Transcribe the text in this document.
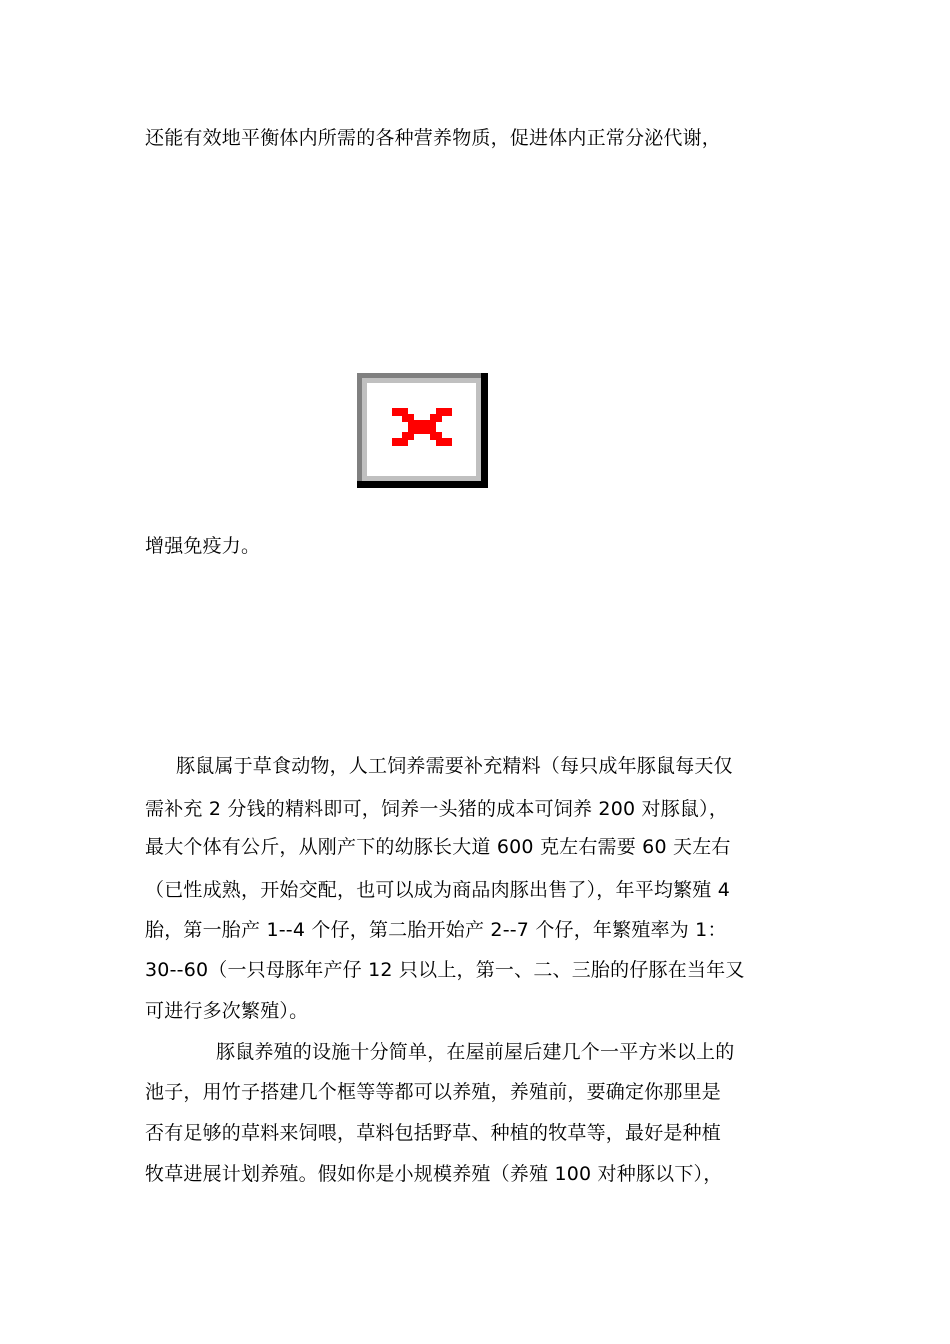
还能有效地平衡体内所需的各种营养物质，促进体内正常分泌代谢，
增强免疫力。
豚鼠属于草食动物，人工饲养需要补充精料（每只成年豚鼠每天仅
需补充 2 分钱的精料即可，饲养一头猪的成本可饲养 200 对豚鼠），
最大个体有公斤，从刚产下的幼豚长大道 600 克左右需要 60 天左右
（已性成熟，开始交配，也可以成为商品肉豚出售了），年平均繁殖 4
胎，第一胎产 1--4 个仔，第二胎开始产 2--7 个仔，年繁殖率为 1：
30--60（一只母豚年产仔 12 只以上，第一、二、三胎的仔豚在当年又
可进行多次繁殖）。
豚鼠养殖的设施十分简单，在屋前屋后建几个一平方米以上的
池子，用竹子搭建几个框等等都可以养殖，养殖前，要确定你那里是
否有足够的草料来饲喂，草料包括野草、种植的牧草等，最好是种植
牧草进展计划养殖。假如你是小规模养殖（养殖 100 对种豚以下），
